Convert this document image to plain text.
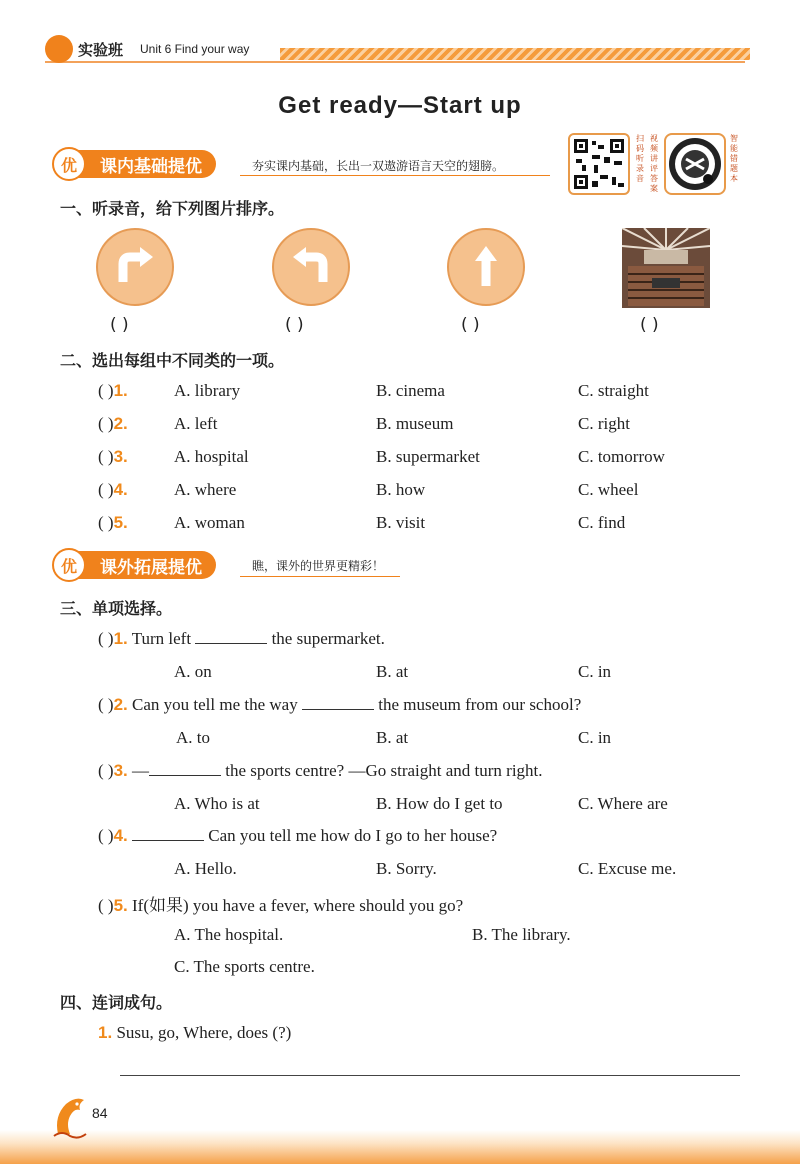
实验班 Unit 6 Find your way
Get ready—Start up
课内基础提优
优	夯实课内基础，长出一双遨游语言天空的翅膀。
扫码听录音
视频讲评答案
智能错题本
一、听录音，给下列图片排序。
( )	( )	( )	( )
二、选出每组中不同类的一项。
( )1.	A. library	B. cinema	C. straight
( )2.	A. left	B. museum	C. right
( )3.	A. hospital	B. supermarket	C. tomorrow
( )4.	A. where	B. how	C. wheel
( )5.	A. woman	B. visit	C. find
课外拓展提优
优	瞧，课外的世界更精彩！
三、单项选择。
( )1. Turn left	the supermarket.
A. on	B. at	C. in
( )2. Can you tell me the way	the museum from our school?
A. to	B. at	C. in
( )3. —	the sports centre? —Go straight and turn right.
A. Who is at	B. How do I get to	C. Where are
( )4.	Can you tell me how do I go to her house?
A. Hello.	B. Sorry.	C. Excuse me.
( )5. If(如果) you have a fever, where should you go?
A. The hospital.	B. The library.
C. The sports centre.
四、连词成句。
1. Susu, go, Where, does (?)
84
